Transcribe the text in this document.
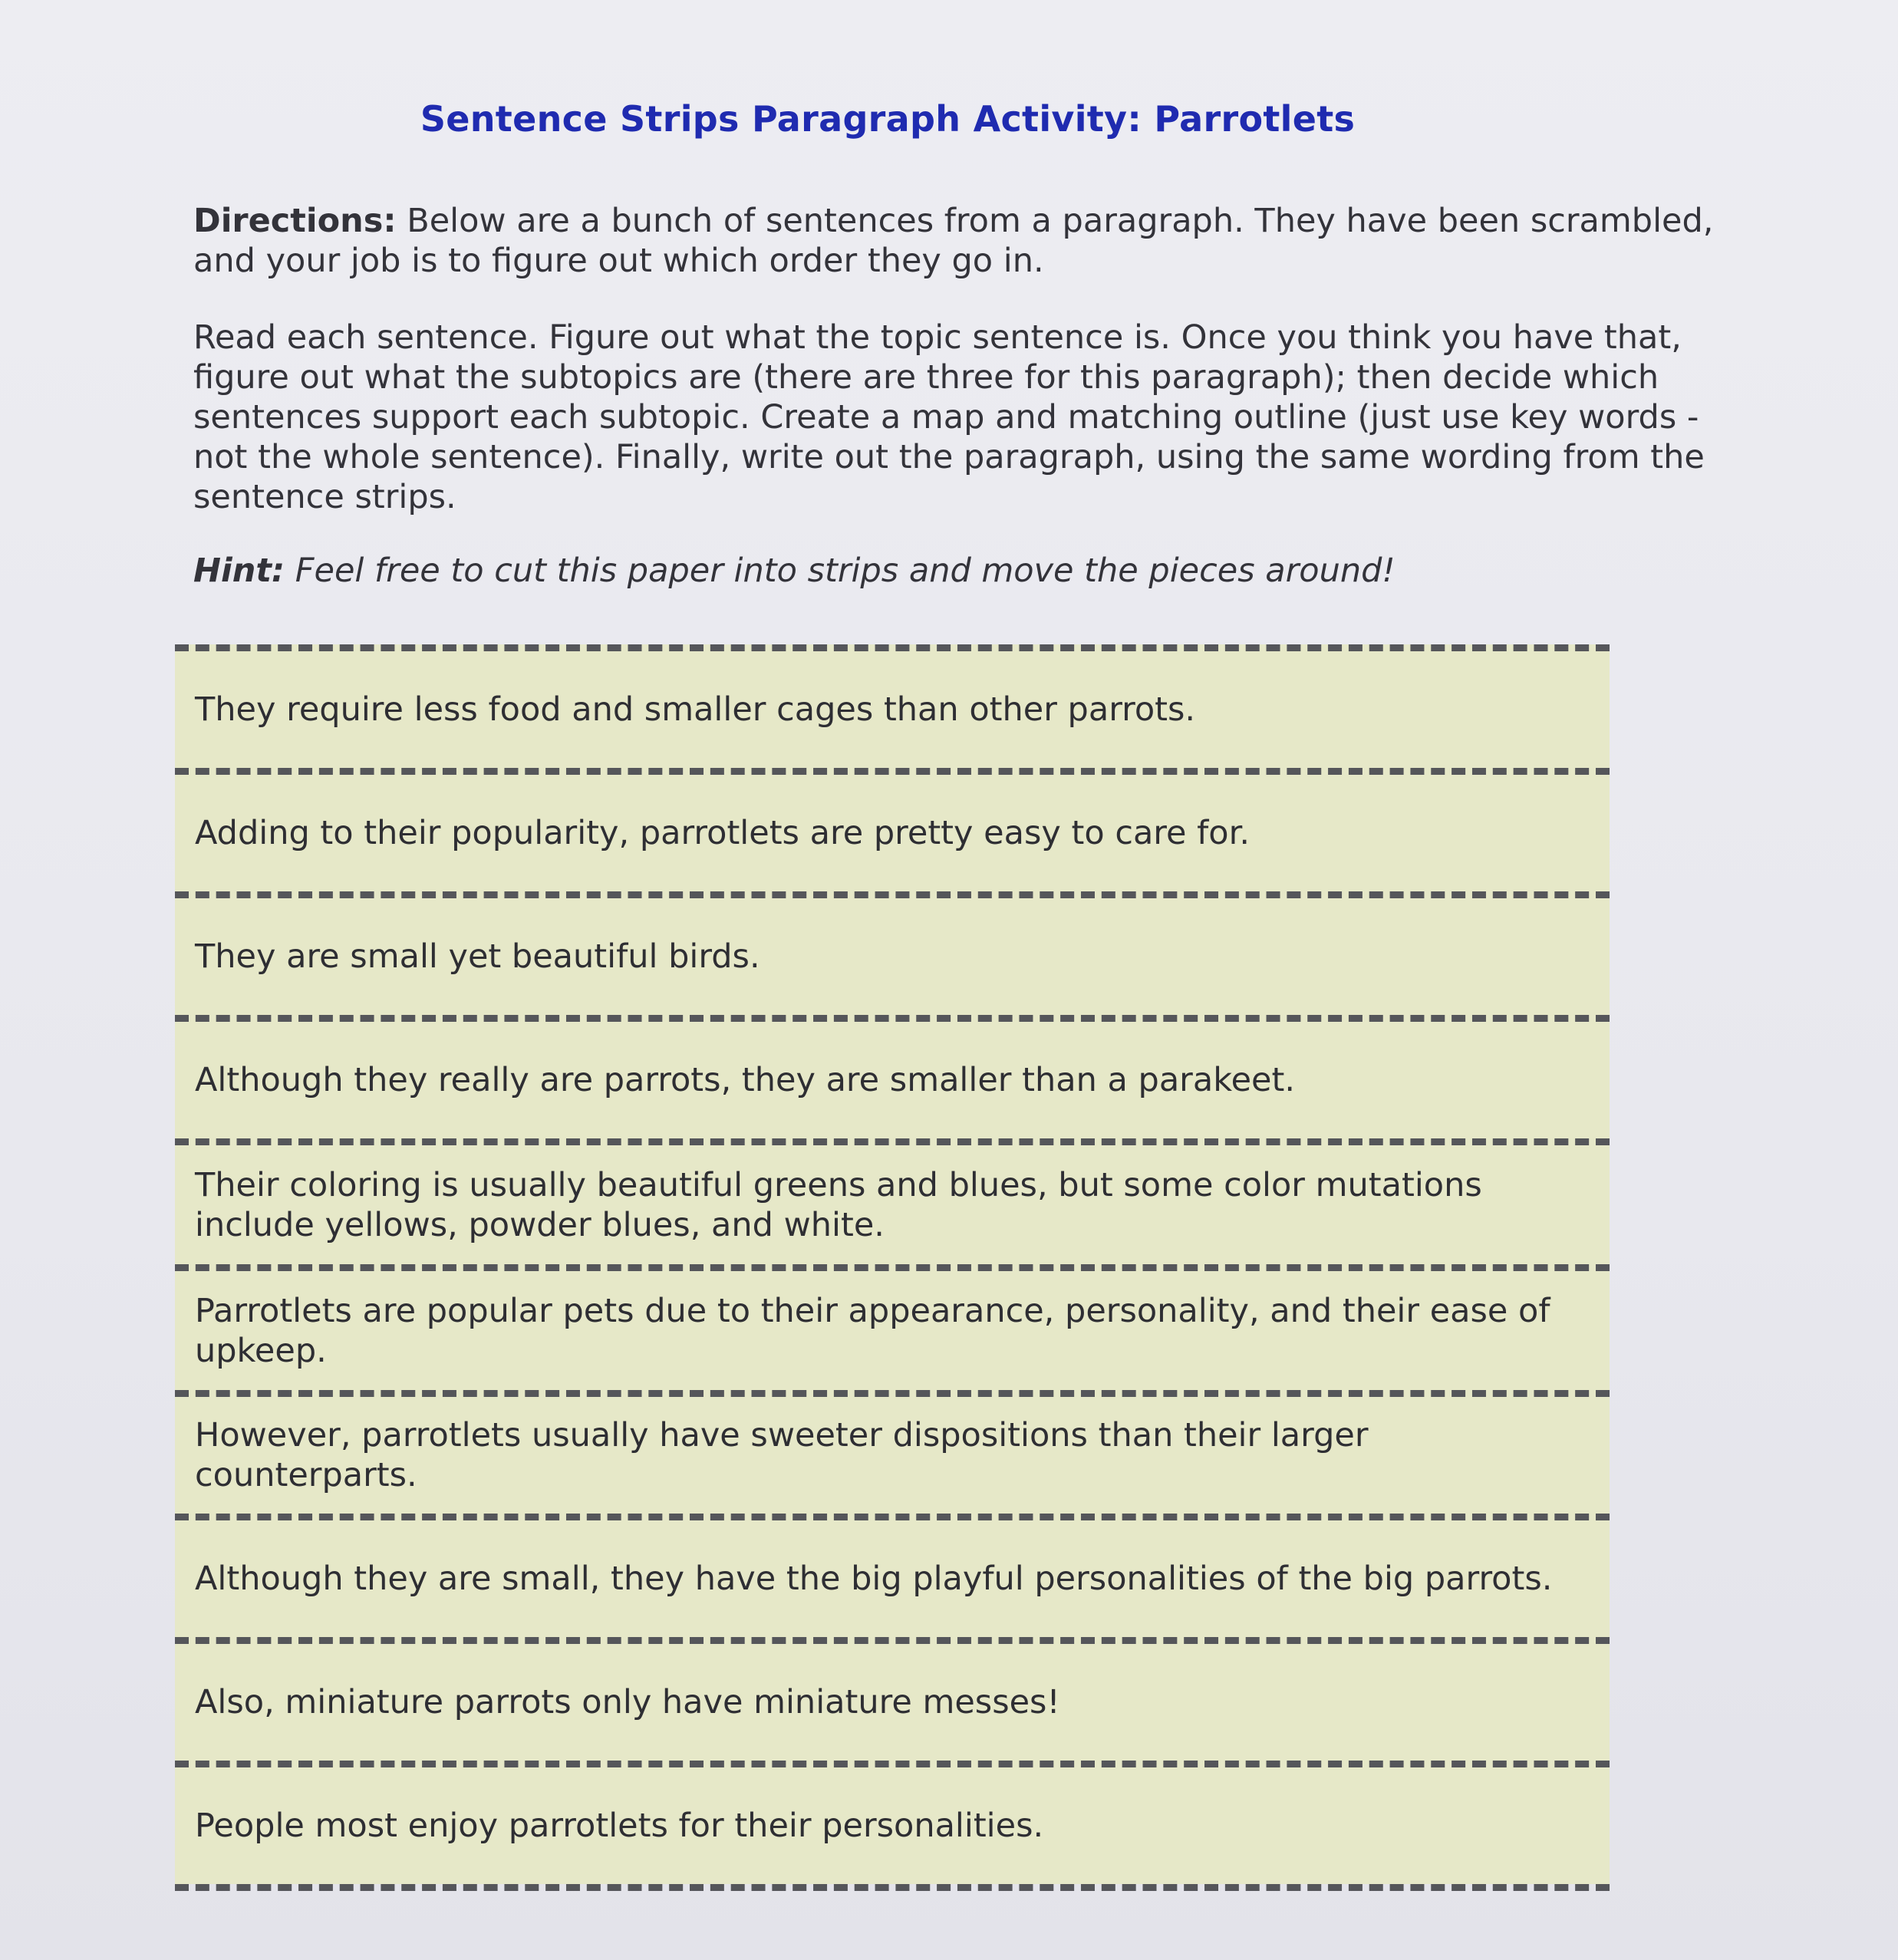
Sentence Strips Paragraph Activity: Parrotlets
Directions: Below are a bunch of sentences from a paragraph. They have been scrambled, and your job is to figure out which order they go in.
Read each sentence. Figure out what the topic sentence is. Once you think you have that, figure out what the subtopics are (there are three for this paragraph); then decide which sentences support each subtopic. Create a map and matching outline (just use key words - not the whole sentence). Finally, write out the paragraph, using the same wording from the sentence strips.
Hint: Feel free to cut this paper into strips and move the pieces around!
They require less food and smaller cages than other parrots.
Adding to their popularity, parrotlets are pretty easy to care for.
They are small yet beautiful birds.
Although they really are parrots, they are smaller than a parakeet.
Their coloring is usually beautiful greens and blues, but some color mutations include yellows, powder blues, and white.
Parrotlets are popular pets due to their appearance, personality, and their ease of upkeep.
However, parrotlets usually have sweeter dispositions than their larger counterparts.
Although they are small, they have the big playful personalities of the big parrots.
Also, miniature parrots only have miniature messes!
People most enjoy parrotlets for their personalities.
